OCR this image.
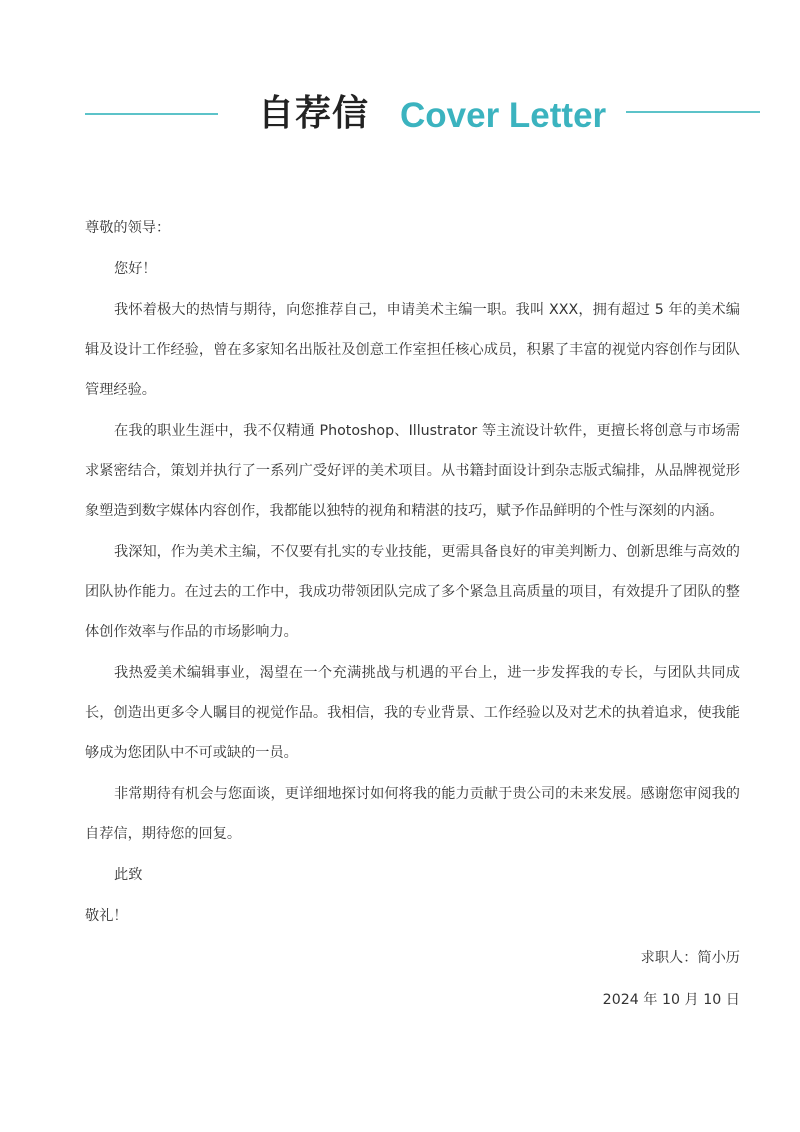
自荐信 Cover Letter

尊敬的领导：

您好！

我怀着极大的热情与期待，向您推荐自己，申请美术主编一职。我叫 XXX，拥有超过 5 年的美术编辑及设计工作经验，曾在多家知名出版社及创意工作室担任核心成员，积累了丰富的视觉内容创作与团队管理经验。

在我的职业生涯中，我不仅精通 Photoshop、Illustrator 等主流设计软件，更擅长将创意与市场需求紧密结合，策划并执行了一系列广受好评的美术项目。从书籍封面设计到杂志版式编排，从品牌视觉形象塑造到数字媒体内容创作，我都能以独特的视角和精湛的技巧，赋予作品鲜明的个性与深刻的内涵。

我深知，作为美术主编，不仅要有扎实的专业技能，更需具备良好的审美判断力、创新思维与高效的团队协作能力。在过去的工作中，我成功带领团队完成了多个紧急且高质量的项目，有效提升了团队的整体创作效率与作品的市场影响力。

我热爱美术编辑事业，渴望在一个充满挑战与机遇的平台上，进一步发挥我的专长，与团队共同成长，创造出更多令人瞩目的视觉作品。我相信，我的专业背景、工作经验以及对艺术的执着追求，使我能够成为您团队中不可或缺的一员。

非常期待有机会与您面谈，更详细地探讨如何将我的能力贡献于贵公司的未来发展。感谢您审阅我的自荐信，期待您的回复。

此致

敬礼！

求职人：简小历

2024 年 10 月 10 日
